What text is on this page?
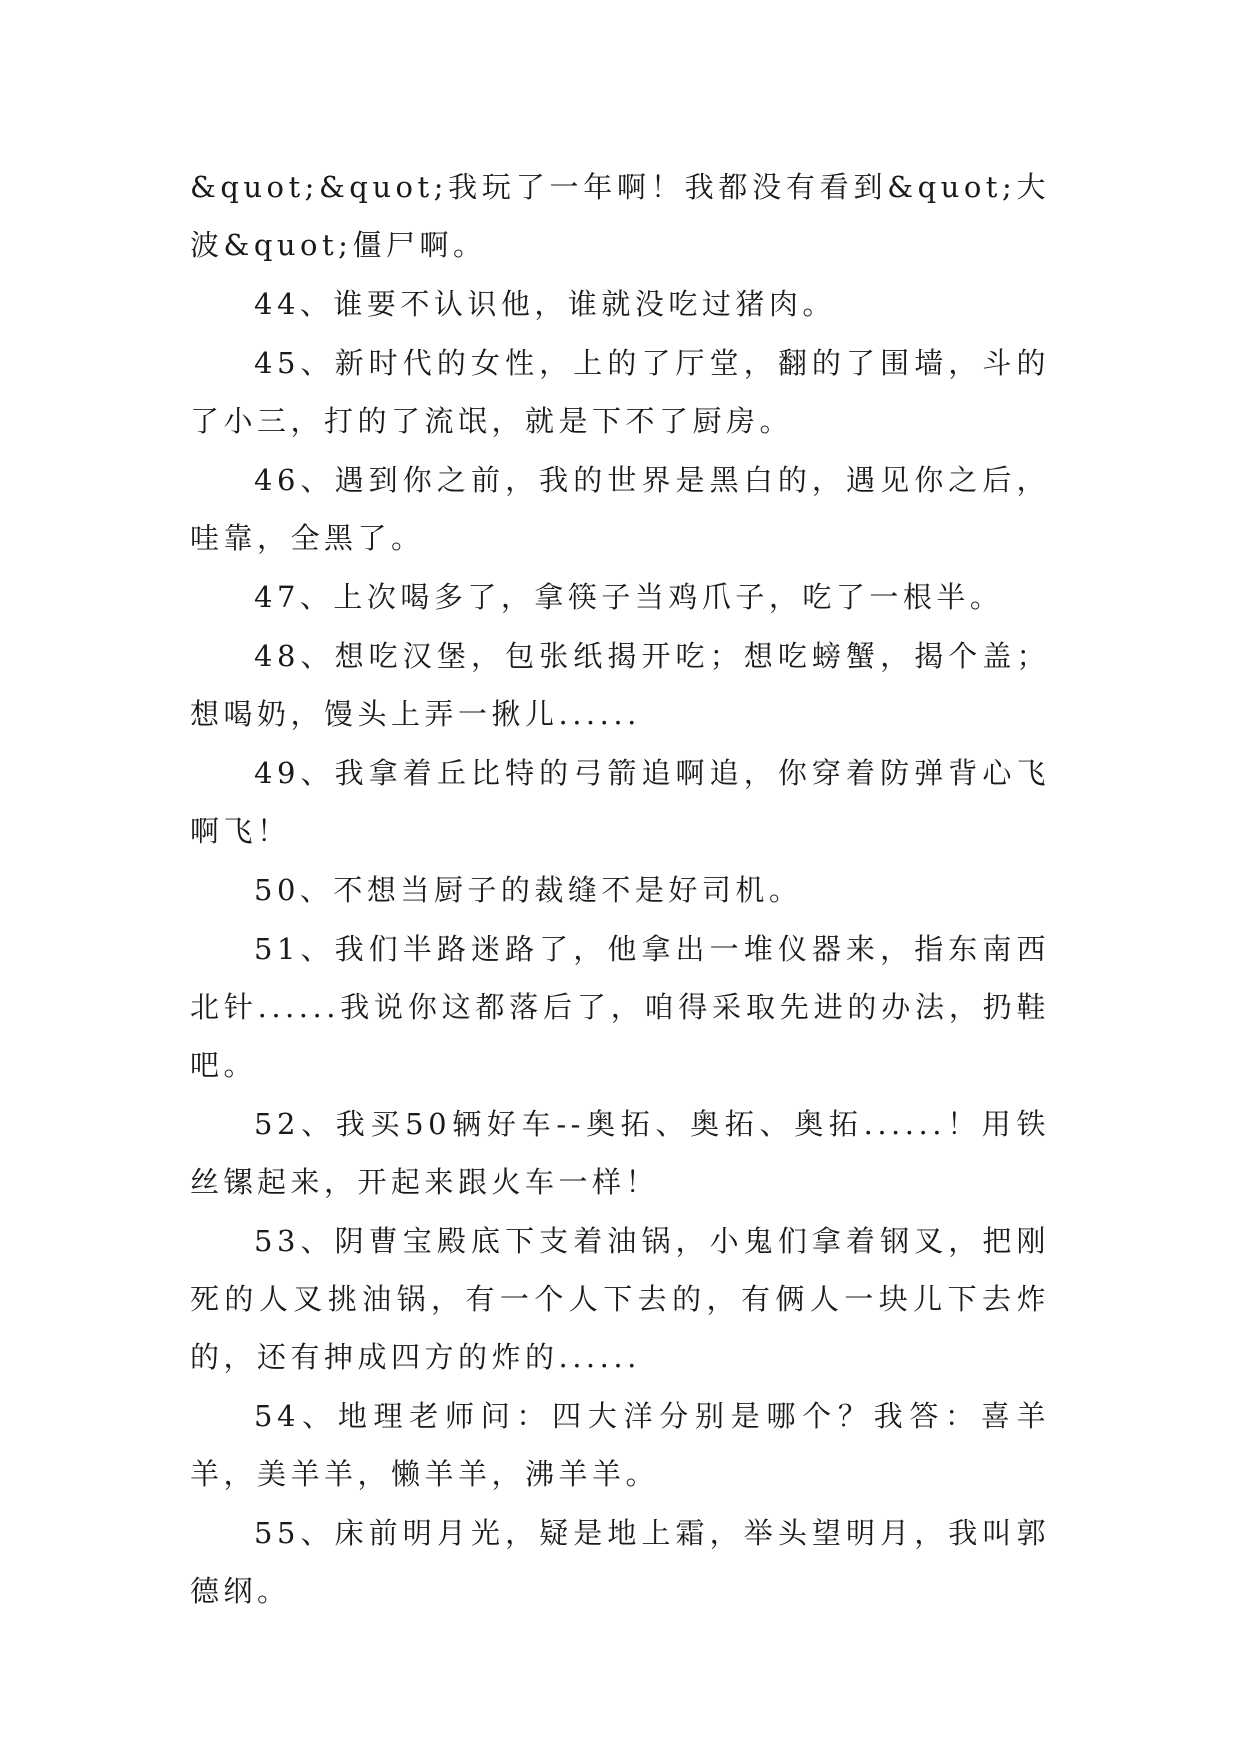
&quot;&quot;我玩了一年啊！我都没有看到&quot;大波&quot;僵尸啊。

44、谁要不认识他，谁就没吃过猪肉。

45、新时代的女性，上的了厅堂，翻的了围墙，斗的了小三，打的了流氓，就是下不了厨房。

46、遇到你之前，我的世界是黑白的，遇见你之后，哇靠，全黑了。

47、上次喝多了，拿筷子当鸡爪子，吃了一根半。

48、想吃汉堡，包张纸揭开吃；想吃螃蟹，揭个盖；想喝奶，馒头上弄一揪儿......

49、我拿着丘比特的弓箭追啊追，你穿着防弹背心飞啊飞！

50、不想当厨子的裁缝不是好司机。

51、我们半路迷路了，他拿出一堆仪器来，指东南西北针......我说你这都落后了，咱得采取先进的办法，扔鞋吧。

52、我买50辆好车--奥拓、奥拓、奥拓......！用铁丝镙起来，开起来跟火车一样！

53、阴曹宝殿底下支着油锅，小鬼们拿着钢叉，把刚死的人叉挑油锅，有一个人下去的，有俩人一块儿下去炸的，还有抻成四方的炸的......

54、地理老师问：四大洋分别是哪个？我答：喜羊羊，美羊羊，懒羊羊，沸羊羊。

55、床前明月光，疑是地上霜，举头望明月，我叫郭德纲。
